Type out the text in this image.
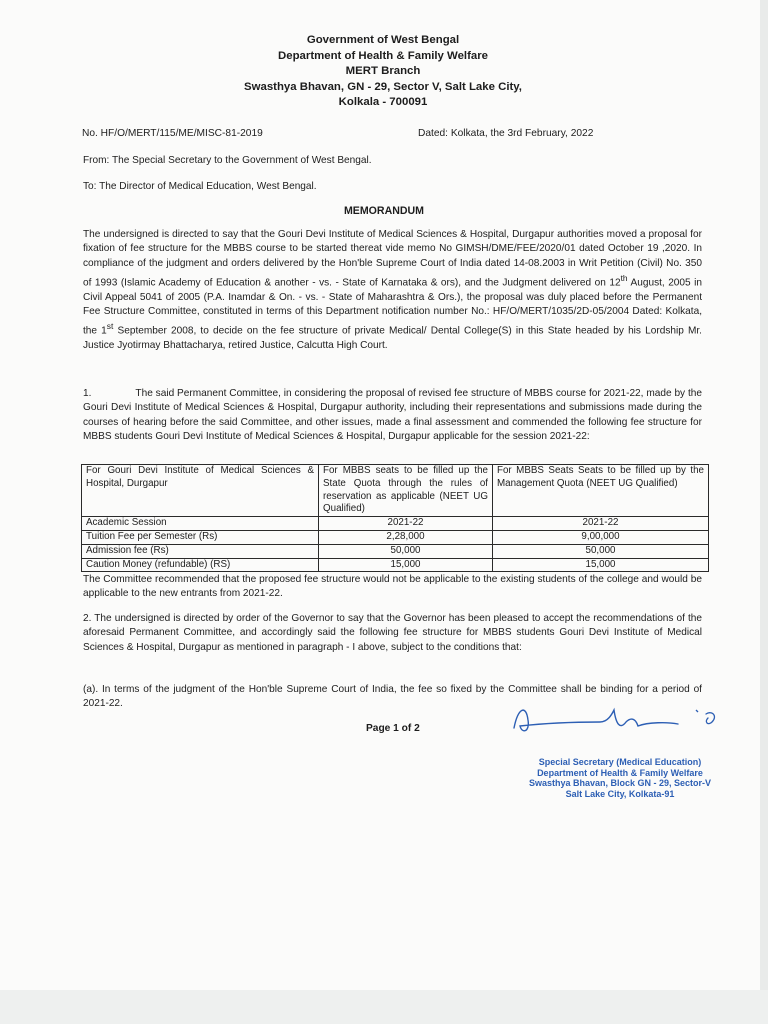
Government of West Bengal
Department of Health & Family Welfare
MERT Branch
Swasthya Bhavan, GN - 29, Sector V, Salt Lake City,
Kolkala - 700091
No. HF/O/MERT/115/ME/MISC-81-2019	Dated: Kolkata, the 3rd February, 2022
From: The Special Secretary to the Government of West Bengal.
To: The Director of Medical Education, West Bengal.
MEMORANDUM
The undersigned is directed to say that the Gouri Devi Institute of Medical Sciences & Hospital, Durgapur authorities moved a proposal for fixation of fee structure for the MBBS course to be started thereat vide memo No GIMSH/DME/FEE/2020/01 dated October 19 ,2020. In compliance of the judgment and orders delivered by the Hon'ble Supreme Court of India dated 14-08.2003 in Writ Petition (Civil) No. 350 of 1993 (Islamic Academy of Education & another - vs. - State of Karnataka & ors), and the Judgment delivered on 12th August, 2005 in Civil Appeal 5041 of 2005 (P.A. Inamdar & On. - vs. - State of Maharashtra & Ors.), the proposal was duly placed before the Permanent Fee Structure Committee, constituted in terms of this Department notification number No.: HF/O/MERT/1035/2D-05/2004 Dated: Kolkata, the 1st September 2008, to decide on the fee structure of private Medical/ Dental College(S) in this State headed by his Lordship Mr. Justice Jyotirmay Bhattacharya, retired Justice, Calcutta High Court.
1.	The said Permanent Committee, in considering the proposal of revised fee structure of MBBS course for 2021-22, made by the Gouri Devi Institute of Medical Sciences & Hospital, Durgapur authority, including their representations and submissions made during the courses of hearing before the said Committee, and other issues, made a final assessment and commended the following fee structure for MBBS students Gouri Devi Institute of Medical Sciences & Hospital, Durgapur applicable for the session 2021-22:
For Gouri Devi Institute of Medical Sciences & Hospital, Durgapur	For MBBS seats to be filled up the State Quota through the rules of reservation as applicable (NEET UG Qualified)	For MBBS Seats Seats to be filled up by the Management Quota (NEET UG Qualified)
Academic Session	2021-22	2021-22
Tuition Fee per Semester (Rs)	2,28,000	9,00,000
Admission fee (Rs)	50,000	50,000
Caution Money (refundable) (RS)	15,000	15,000
The Committee recommended that the proposed fee structure would not be applicable to the existing students of the college and would be applicable to the new entrants from 2021-22.
2. The undersigned is directed by order of the Governor to say that the Governor has been pleased to accept the recommendations of the aforesaid Permanent Committee, and accordingly said the following fee structure for MBBS students Gouri Devi Institute of Medical Sciences & Hospital, Durgapur as mentioned in paragraph - I above, subject to the conditions that:
(a). In terms of the judgment of the Hon'ble Supreme Court of India, the fee so fixed by the Committee shall be binding for a period of 2021-22.
Page 1 of 2
Special Secretary (Medical Education)
Department of Health & Family Welfare
Swasthya Bhavan, Block GN - 29, Sector-V
Salt Lake City, Kolkata-91
